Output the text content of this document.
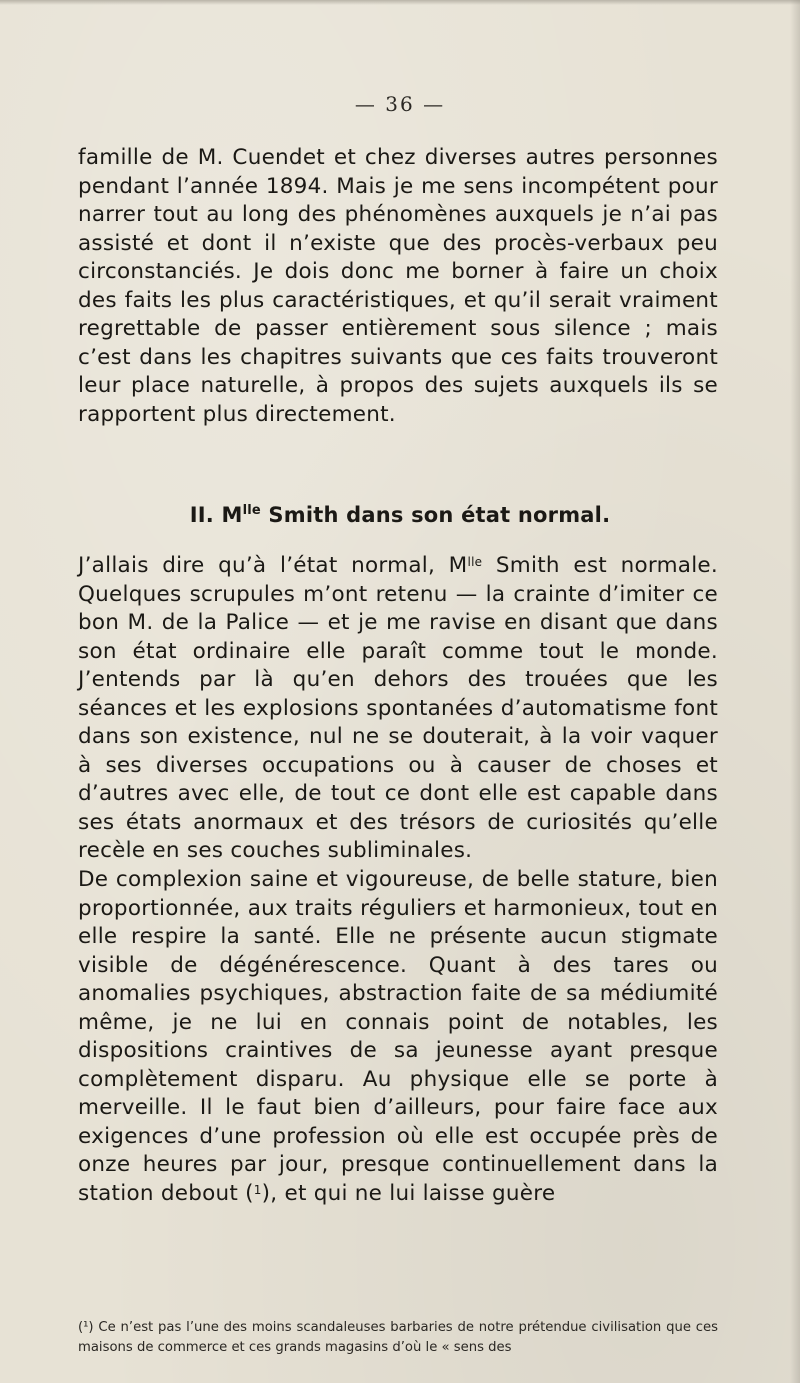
— 36 —

famille de M. Cuendet et chez diverses autres personnes pendant l’année 1894. Mais je me sens incompétent pour narrer tout au long des phénomènes auxquels je n’ai pas assisté et dont il n’existe que des procès-verbaux peu circonstanciés. Je dois donc me borner à faire un choix des faits les plus caractéristiques, et qu’il serait vraiment regrettable de passer entièrement sous silence ; mais c’est dans les chapitres suivants que ces faits trouveront leur place naturelle, à propos des sujets auxquels ils se rapportent plus directement.

II. $M^{lle}$ Smith dans son état normal.

J’allais dire qu’à l’état normal, $M^{lle}$ Smith est normale. Quelques scrupules m’ont retenu — la crainte d’imiter ce bon M. de la Palice — et je me ravise en disant que dans son état ordinaire elle paraît comme tout le monde. J’entends par là qu’en dehors des trouées que les séances et les explosions spontanées d’automatisme font dans son existence, nul ne se douterait, à la voir vaquer à ses diverses occupations ou à causer de choses et d’autres avec elle, de tout ce dont elle est capable dans ses états anormaux et des trésors de curiosités qu’elle recèle en ses couches subliminales.

De complexion saine et vigoureuse, de belle stature, bien proportionnée, aux traits réguliers et harmonieux, tout en elle respire la santé. Elle ne présente aucun stigmate visible de dégénérescence. Quant à des tares ou anomalies psychiques, abstraction faite de sa médiumité même, je ne lui en connais point de notables, les dispositions craintives de sa jeunesse ayant presque complètement disparu. Au physique elle se porte à merveille. Il le faut bien d’ailleurs, pour faire face aux exigences d’une profession où elle est occupée près de onze heures par jour, presque continuellement dans la station debout ($^1$), et qui ne lui laisse guère

(¹) Ce n’est pas l’une des moins scandaleuses barbaries de notre prétendue civilisation que ces maisons de commerce et ces grands magasins d’où le « sens des
